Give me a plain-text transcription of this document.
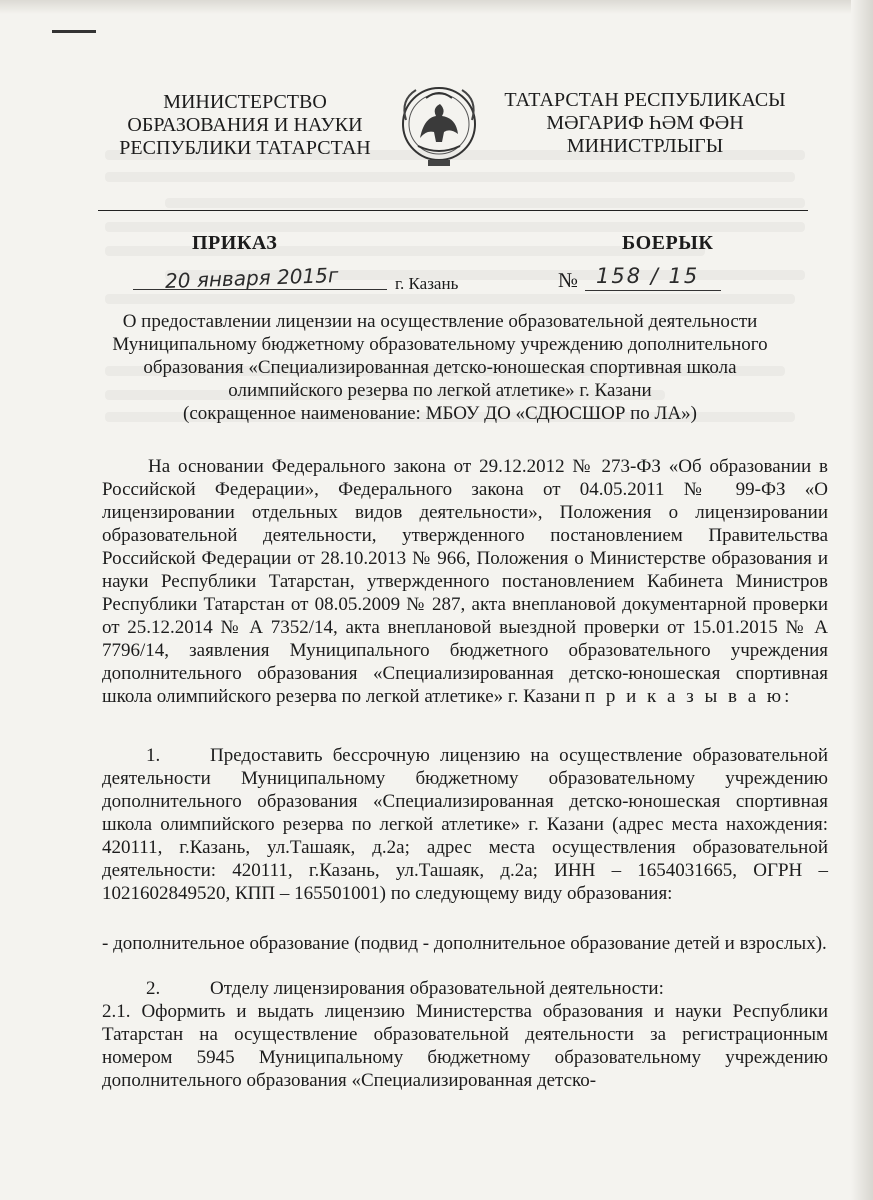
МИНИСТЕРСТВО
ОБРАЗОВАНИЯ И НАУКИ
РЕСПУБЛИКИ ТАТАРСТАН
ТАТАРСТАН РЕСПУБЛИКАСЫ
МӘГАРИФ ҺӘМ ФӘН
МИНИСТРЛЫГЫ
ПРИКАЗ	БОЕРЫК
20 января 2015г	г. Казань	№ 158 / 15
О предоставлении лицензии на осуществление образовательной деятельности
Муниципальному бюджетному образовательному учреждению дополнительного
образования «Специализированная детско-юношеская спортивная школа
олимпийского резерва по легкой атлетике» г. Казани
(сокращенное наименование: МБОУ ДО «СДЮСШОР по ЛА»)

На основании Федерального закона от 29.12.2012 № 273-ФЗ «Об образовании в Российской Федерации», Федерального закона от 04.05.2011 № 99-ФЗ «О лицензировании отдельных видов деятельности», Положения о лицензировании образовательной деятельности, утвержденного постановлением Правительства Российской Федерации от 28.10.2013 № 966, Положения о Министерстве образования и науки Республики Татарстан, утвержденного постановлением Кабинета Министров Республики Татарстан от 08.05.2009 № 287, акта внеплановой документарной проверки от 25.12.2014 № А 7352/14, акта внеплановой выездной проверки от 15.01.2015 № А 7796/14, заявления Муниципального бюджетного образовательного учреждения дополнительного образования «Специализированная детско-юношеская спортивная школа олимпийского резерва по легкой атлетике» г. Казани п р и к а з ы в а ю:

1.	Предоставить бессрочную лицензию на осуществление образовательной деятельности Муниципальному бюджетному образовательному учреждению дополнительного образования «Специализированная детско-юношеская спортивная школа олимпийского резерва по легкой атлетике» г. Казани (адрес места нахождения: 420111, г.Казань, ул.Ташаяк, д.2а; адрес места осуществления образовательной деятельности: 420111, г.Казань, ул.Ташаяк, д.2а; ИНН – 1654031665, ОГРН – 1021602849520, КПП – 165501001) по следующему виду образования:

- дополнительное образование (подвид - дополнительное образование детей и взрослых).

2.	Отделу лицензирования образовательной деятельности:

2.1. Оформить и выдать лицензию Министерства образования и науки Республики Татарстан на осуществление образовательной деятельности за регистрационным номером 5945 Муниципальному бюджетному образовательному учреждению дополнительного образования «Специализированная детско-
